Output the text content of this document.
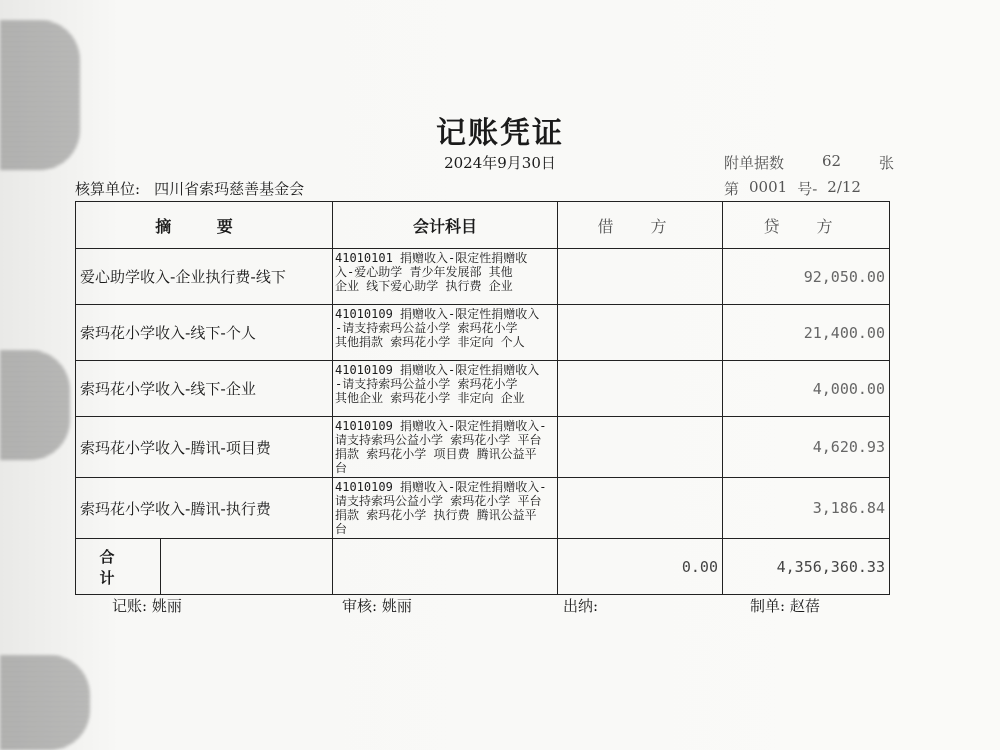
记账凭证
2024年9月30日	附单据数	62	张
核算单位: 四川省索玛慈善基金会	第 0001 号- 2/12
摘 要	会计科目	借 方	贷 方
爱心助学收入-企业执行费-线下	41010101 捐赠收入-限定性捐赠收
入-爱心助学 青少年发展部 其他
企业 线下爱心助学 执行费 企业		92,050.00
索玛花小学收入-线下-个人	41010109 捐赠收入-限定性捐赠收入
-请支持索玛公益小学 索玛花小学
其他捐款 索玛花小学 非定向 个人		21,400.00
索玛花小学收入-线下-企业	41010109 捐赠收入-限定性捐赠收入
-请支持索玛公益小学 索玛花小学
其他企业 索玛花小学 非定向 企业		4,000.00
索玛花小学收入-腾讯-项目费	41010109 捐赠收入-限定性捐赠收入-
请支持索玛公益小学 索玛花小学 平台
捐款 索玛花小学 项目费 腾讯公益平
台		4,620.93
索玛花小学收入-腾讯-执行费	41010109 捐赠收入-限定性捐赠收入-
请支持索玛公益小学 索玛花小学 平台
捐款 索玛花小学 执行费 腾讯公益平
台		3,186.84

合 计		0.00	4,356,360.33
记账: 姚丽	审核: 姚丽	出纳:	制单: 赵蓓
